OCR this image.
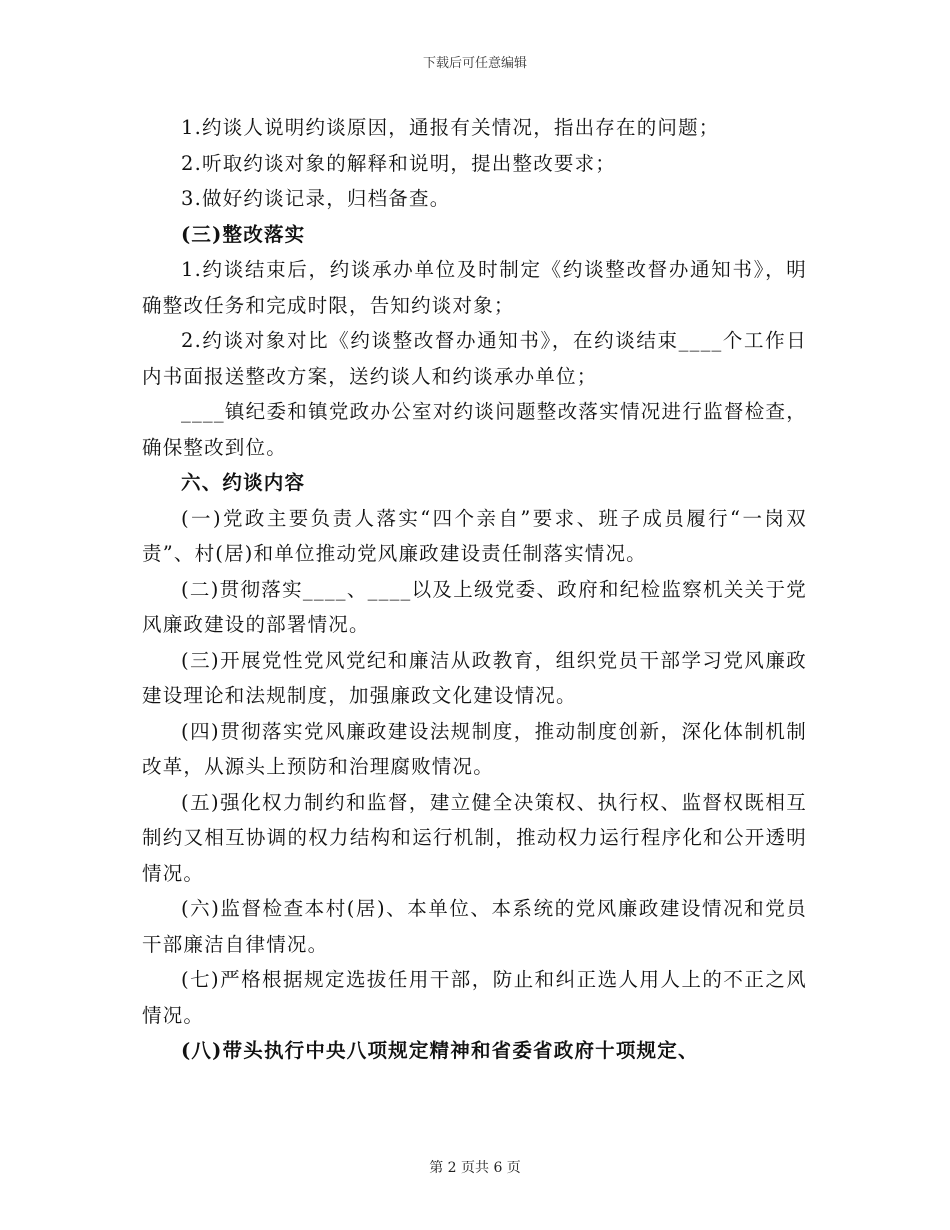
下载后可任意编辑

1.约谈人说明约谈原因，通报有关情况，指出存在的问题；

2.听取约谈对象的解释和说明，提出整改要求；

3.做好约谈记录，归档备查。

(三)整改落实

1.约谈结束后，约谈承办单位及时制定《约谈整改督办通知书》，明确整改任务和完成时限，告知约谈对象；

2.约谈对象对比《约谈整改督办通知书》，在约谈结束____个工作日内书面报送整改方案，送约谈人和约谈承办单位；

____镇纪委和镇党政办公室对约谈问题整改落实情况进行监督检查，确保整改到位。

六、约谈内容

(一)党政主要负责人落实“四个亲自”要求、班子成员履行“一岗双责”、村(居)和单位推动党风廉政建设责任制落实情况。

(二)贯彻落实____、____以及上级党委、政府和纪检监察机关关于党风廉政建设的部署情况。

(三)开展党性党风党纪和廉洁从政教育，组织党员干部学习党风廉政建设理论和法规制度，加强廉政文化建设情况。

(四)贯彻落实党风廉政建设法规制度，推动制度创新，深化体制机制改革，从源头上预防和治理腐败情况。

(五)强化权力制约和监督，建立健全决策权、执行权、监督权既相互制约又相互协调的权力结构和运行机制，推动权力运行程序化和公开透明情况。

(六)监督检查本村(居)、本单位、本系统的党风廉政建设情况和党员干部廉洁自律情况。

(七)严格根据规定选拔任用干部，防止和纠正选人用人上的不正之风情况。

(八)带头执行中央八项规定精神和省委省政府十项规定、

第 2 页共 6 页
